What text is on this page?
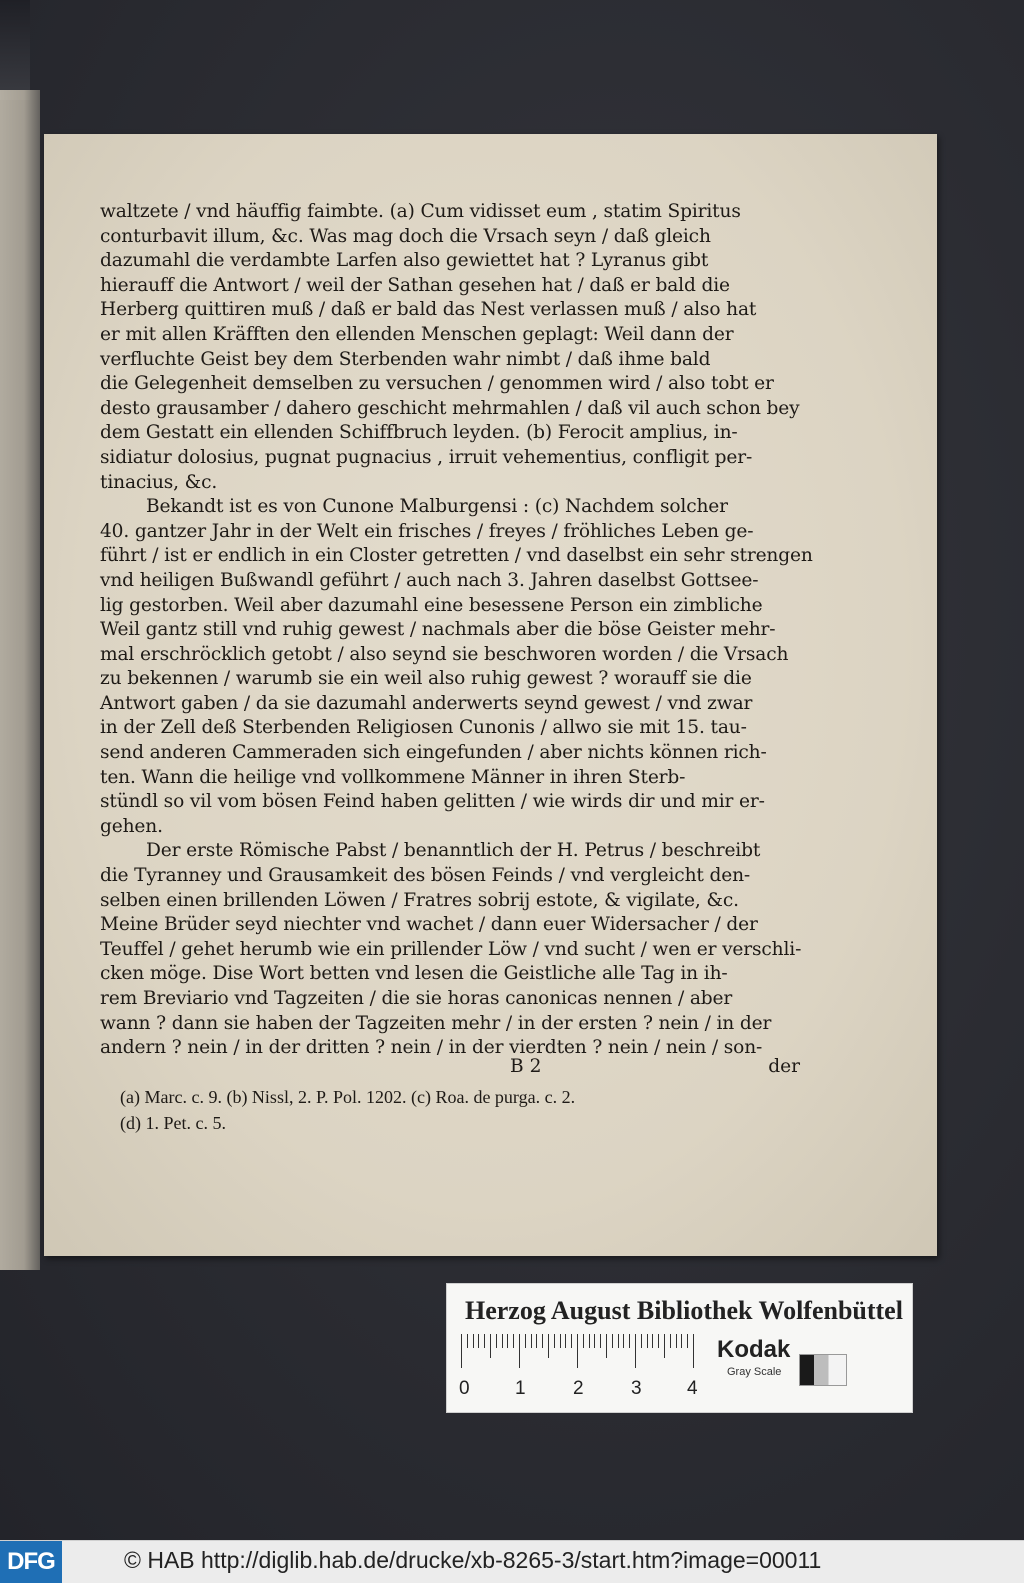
waltzete / vnd häuffig faimbte. (a) Cum vidisset eum , statim Spiritus
conturbavit illum, &c. Was mag doch die Vrsach seyn / daß gleich
dazumahl die verdambte Larfen also gewiettet hat ? Lyranus gibt
hierauff die Antwort / weil der Sathan gesehen hat / daß er bald die
Herberg quittiren muß / daß er bald das Nest verlassen muß / also hat
er mit allen Kräfften den ellenden Menschen geplagt: Weil dann der
verfluchte Geist bey dem Sterbenden wahr nimbt / daß ihme bald
die Gelegenheit demselben zu versuchen / genommen wird / also tobt er
desto grausamber / dahero geschicht mehrmahlen / daß vil auch schon bey
dem Gestatt ein ellenden Schiffbruch leyden. (b) Ferocit amplius, in-
sidiatur dolosius, pugnat pugnacius , irruit vehementius, confligit per-
tinacius, &c.
Bekandt ist es von Cunone Malburgensi : (c) Nachdem solcher
40. gantzer Jahr in der Welt ein frisches / freyes / fröhliches Leben ge-
führt / ist er endlich in ein Closter getretten / vnd daselbst ein sehr strengen
vnd heiligen Bußwandl geführt / auch nach 3. Jahren daselbst Gottsee-
lig gestorben. Weil aber dazumahl eine besessene Person ein zimbliche
Weil gantz still vnd ruhig gewest / nachmals aber die böse Geister mehr-
mal erschröcklich getobt / also seynd sie beschworen worden / die Vrsach
zu bekennen / warumb sie ein weil also ruhig gewest ? worauff sie die
Antwort gaben / da sie dazumahl anderwerts seynd gewest / vnd zwar
in der Zell deß Sterbenden Religiosen Cunonis / allwo sie mit 15. tau-
send anderen Cammeraden sich eingefunden / aber nichts können rich-
ten. Wann die heilige vnd vollkommene Männer in ihren Sterb-
stündl so vil vom bösen Feind haben gelitten / wie wirds dir und mir er-
gehen.
Der erste Römische Pabst / benanntlich der H. Petrus / beschreibt
die Tyranney und Grausamkeit des bösen Feinds / vnd vergleicht den-
selben einen brillenden Löwen / Fratres sobrij estote, & vigilate, &c.
Meine Brüder seyd niechter vnd wachet / dann euer Widersacher / der
Teuffel / gehet herumb wie ein prillender Löw / vnd sucht / wen er verschli-
cken möge. Dise Wort betten vnd lesen die Geistliche alle Tag in ih-
rem Breviario vnd Tagzeiten / die sie horas canonicas nennen / aber
wann ? dann sie haben der Tagzeiten mehr / in der ersten ? nein / in der
andern ? nein / in der dritten ? nein / in der vierdten ? nein / nein / son-
B 2	der
(a) Marc. c. 9. (b) Nissl, 2. P. Pol. 1202. (c) Roa. de purga. c. 2.
(d) 1. Pet. c. 5.
Herzog August Bibliothek Wolfenbüttel
0 1 2 3 4
Kodak
Gray Scale
DFG	© HAB http://diglib.hab.de/drucke/xb-8265-3/start.htm?image=00011
